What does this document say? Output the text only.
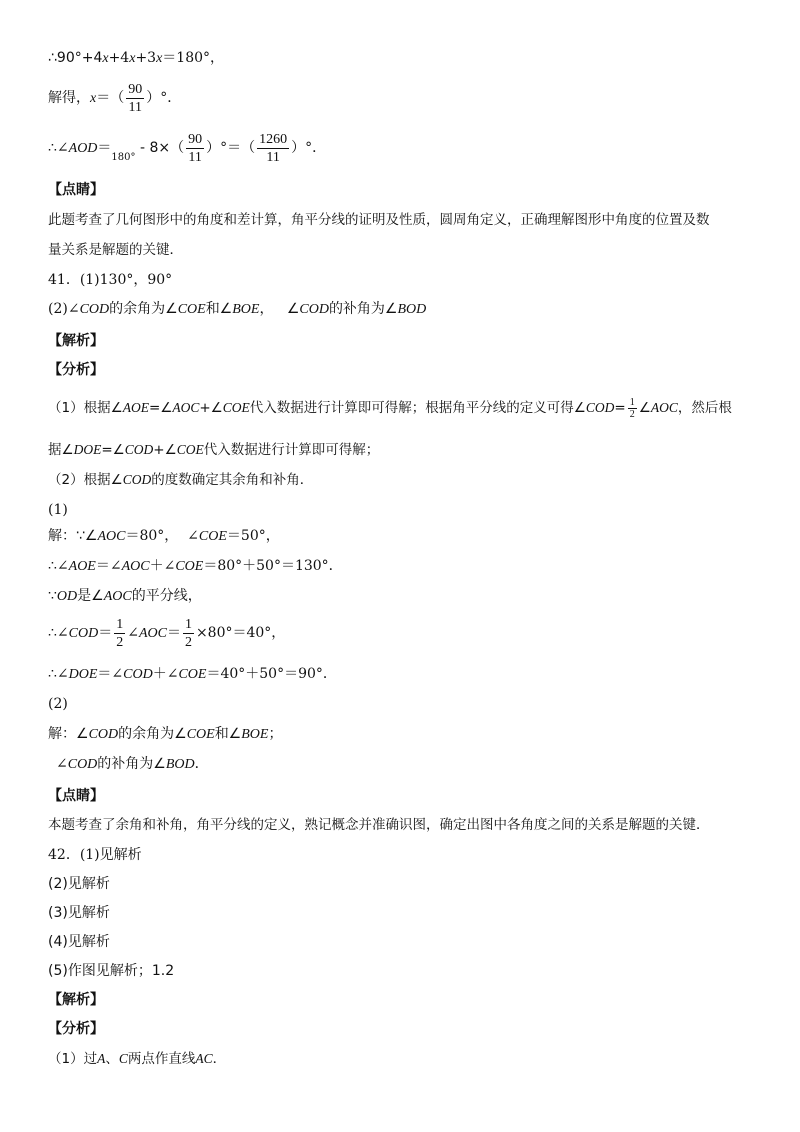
∴90°+4x+4x+3x＝180°，
解得，$x=( \frac{90}{11}$ ）°．
$\therefore\angle AOD=_{180^\circ} - 8\times( \frac{90}{11}$ ）°＝（ $\frac{1260}{11}$ ）°．
【点睛】
此题考查了几何图形中的角度和差计算，角平分线的证明及性质，圆周角定义，正确理解图形中角度的位置及数
量关系是解题的关键．
41．(1)130°，90°
(2)∠COD的余角为∠COE和∠BOE，   ∠COD的补角为∠BOD
【解析】
【分析】
（1）根据∠AOE=∠AOC+∠COE代入数据进行计算即可得解；根据角平分线的定义可得∠COD= $\frac{1}{2}$ ∠AOC，然后根
据∠DOE=∠COD+∠COE代入数据进行计算即可得解；
（2）根据∠COD的度数确定其余角和补角．
(1)
解：∵∠AOC＝80°，  ∠COE＝50°，
∴∠AOE＝∠AOC＋∠COE＝80°＋50°＝130°．
∵OD是∠AOC的平分线，
∴∠COD＝ $\frac{1}{2}$ ∠AOC＝ $\frac{1}{2} \times 80^\circ=40^\circ$，
∴∠DOE＝∠COD＋∠COE＝40°＋50°＝90°．
(2)
解：∠COD的余角为∠COE和∠BOE；
∠COD的补角为∠BOD．
【点睛】
本题考查了余角和补角，角平分线的定义，熟记概念并准确识图，确定出图中各角度之间的关系是解题的关键．
42．(1)见解析
(2)见解析
(3)见解析
(4)见解析
(5)作图见解析；1.2
【解析】
【分析】
（1）过A、C两点作直线AC．
